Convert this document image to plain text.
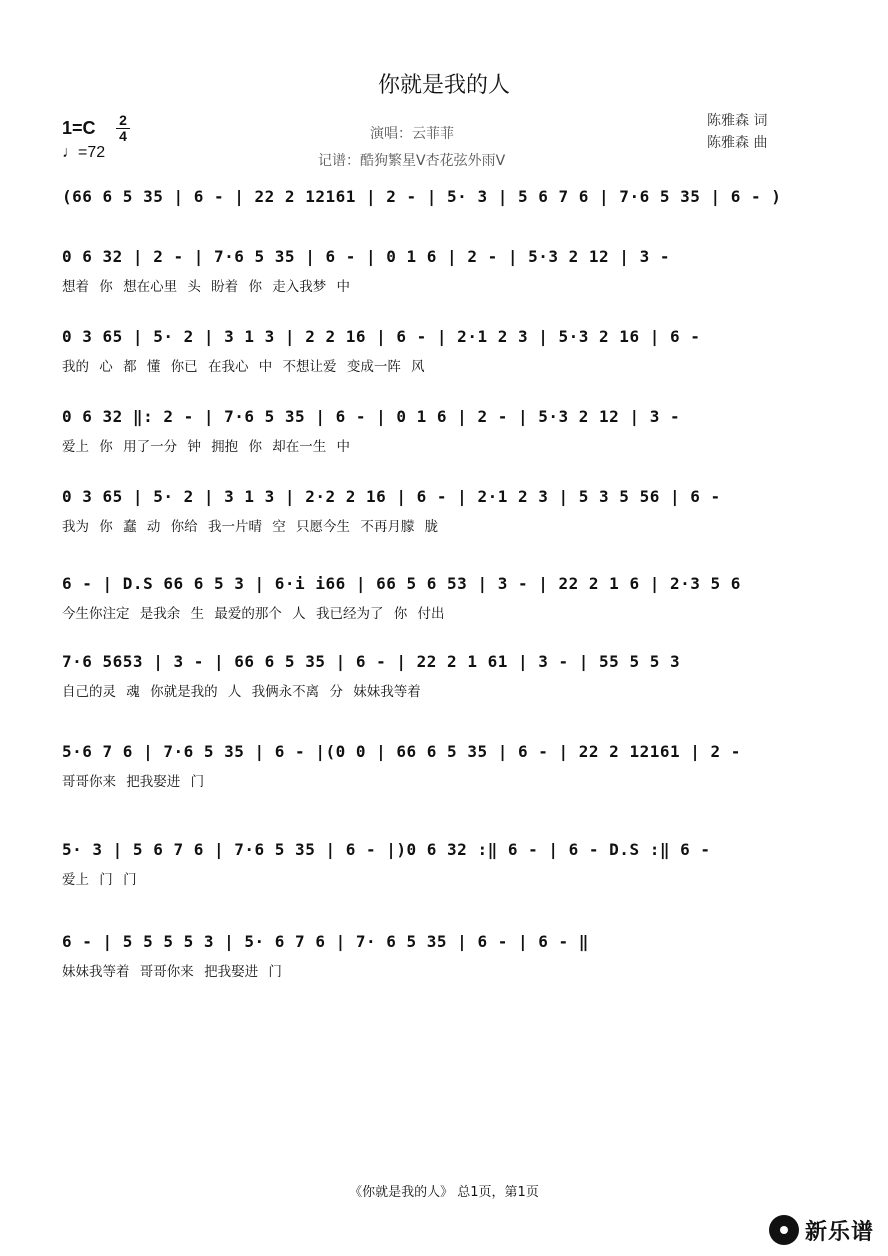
你就是我的人
1=C 2
4
♩=72
演唱：云菲菲
记谱：酷狗繁星V杏花弦外雨V
陈雅森 词
陈雅森 曲
(66 6 5 35 | 6 - | 22 2 12161 | 2 - | 5· 3 | 5 6 7 6 | 7·6 5 35 | 6 - )
0 6 32 | 2 - | 7·6 5 35 | 6 - | 0 1 6 | 2 - | 5·3 2 12 | 3 -
想着 你 想在心里 头 盼着 你 走入我梦 中
0 3 65 | 5· 2 | 3 1 3 | 2 2 16 | 6 - | 2·1 2 3 | 5·3 2 16 | 6 -
我的 心 都 懂 你已 在我心 中 不想让爱 变成一阵 风
0 6 32 ‖: 2 - | 7·6 5 35 | 6 - | 0 1 6 | 2 - | 5·3 2 12 | 3 -
爱上 你 用了一分 钟 拥抱 你 却在一生 中
0 3 65 | 5· 2 | 3 1 3 | 2·2 2 16 | 6 - | 2·1 2 3 | 5 3 5 56 | 6 -
我为 你 蠢 动 你给 我一片晴 空 只愿今生 不再月朦 胧
6 - | D.S 66 6 5 3 | 6·i i66 | 66 5 6 53 | 3 - | 22 2 1 6 | 2·3 5 6
今生你注定 是我余 生 最爱的那个 人 我已经为了 你 付出
7·6 5653 | 3 - | 66 6 5 35 | 6 - | 22 2 1 61 | 3 - | 55 5 5 3
自己的灵 魂 你就是我的 人 我俩永不离 分 妹妹我等着
5·6 7 6 | 7·6 5 35 | 6 - |(0 0 | 66 6 5 35 | 6 - | 22 2 12161 | 2 -
哥哥你来 把我娶进 门
5· 3 | 5 6 7 6 | 7·6 5 35 | 6 - |)0 6 32 :‖ 6 - | 6 - D.S :‖ 6 -
爱上 门 门
6 - | 5 5 5 5 3 | 5· 6 7 6 | 7· 6 5 35 | 6 - | 6 - ‖
妹妹我等着 哥哥你来 把我娶进 门
《你就是我的人》 总1页，第1页
新乐谱
